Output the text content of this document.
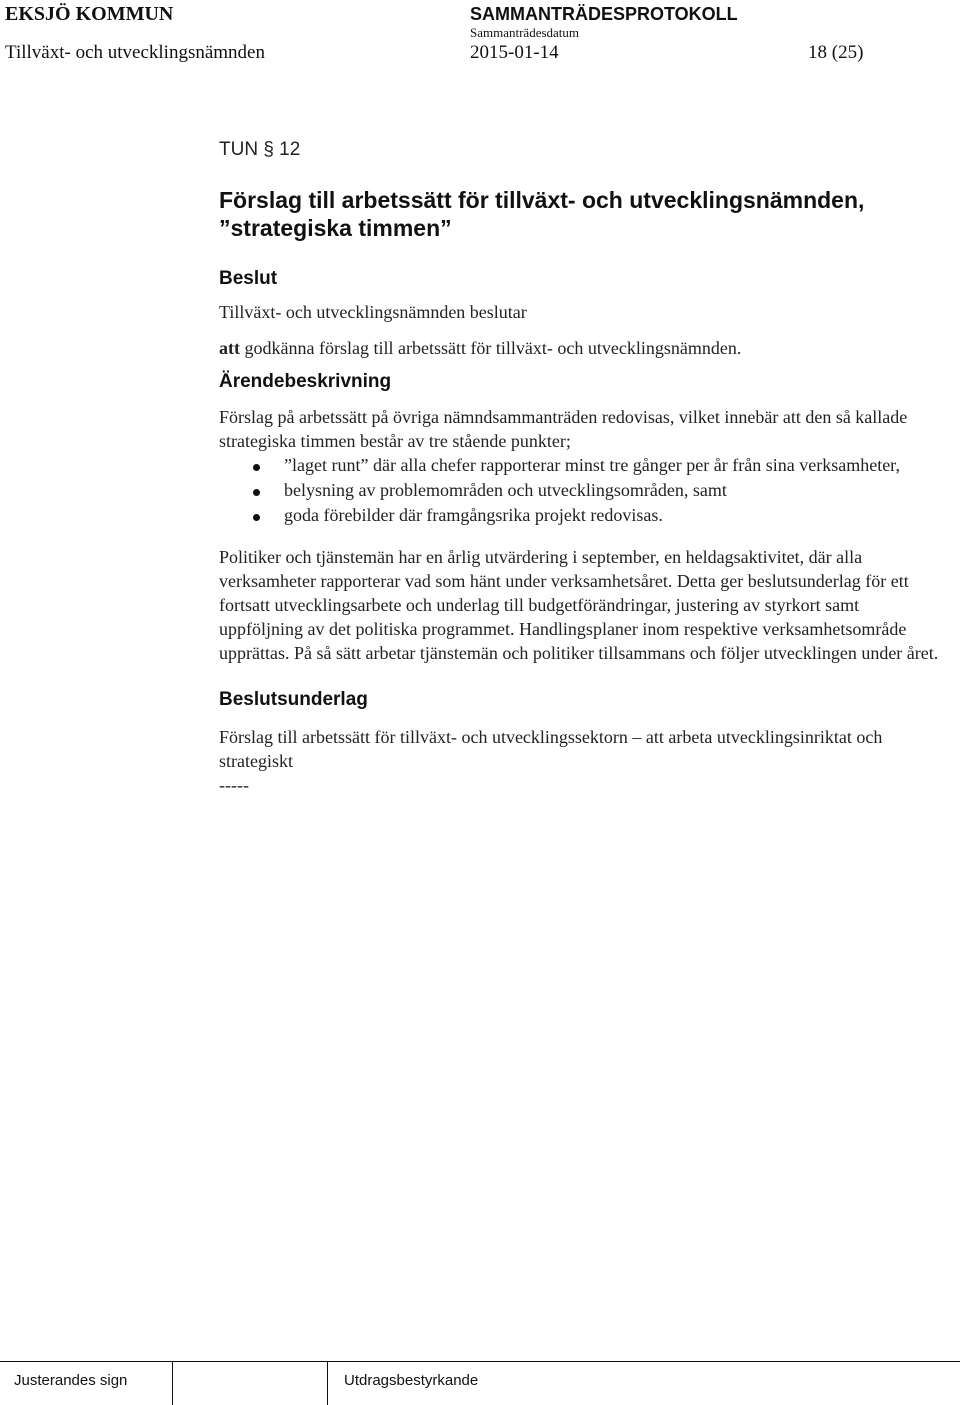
EKSJÖ KOMMUN	SAMMANTRÄDESPROTOKOLL
Sammanträdesdatum
Tillväxt- och utvecklingsnämnden	2015-01-14	18 (25)
TUN § 12
Förslag till arbetssätt för tillväxt- och utvecklingsnämnden, ”strategiska timmen”
Beslut
Tillväxt- och utvecklingsnämnden beslutar
att godkänna förslag till arbetssätt för tillväxt- och utvecklingsnämnden.
Ärendebeskrivning
Förslag på arbetssätt på övriga nämndsammanträden redovisas, vilket innebär att den så kallade strategiska timmen består av tre stående punkter;
”laget runt” där alla chefer rapporterar minst tre gånger per år från sina verksamheter,
belysning av problemområden och utvecklingsområden, samt
goda förebilder där framgångsrika projekt redovisas.
Politiker och tjänstemän har en årlig utvärdering i september, en heldagsaktivitet, där alla verksamheter rapporterar vad som hänt under verksamhetsåret. Detta ger beslutsunderlag för ett fortsatt utvecklingsarbete och underlag till budgetförändringar, justering av styrkort samt uppföljning av det politiska programmet. Handlingsplaner inom respektive verksamhetsområde upprättas. På så sätt arbetar tjänstemän och politiker tillsammans och följer utvecklingen under året.
Beslutsunderlag
Förslag till arbetssätt för tillväxt- och utvecklingssektorn – att arbeta utvecklingsinriktat och strategiskt
-----
Justerandes sign	Utdragsbestyrkande
